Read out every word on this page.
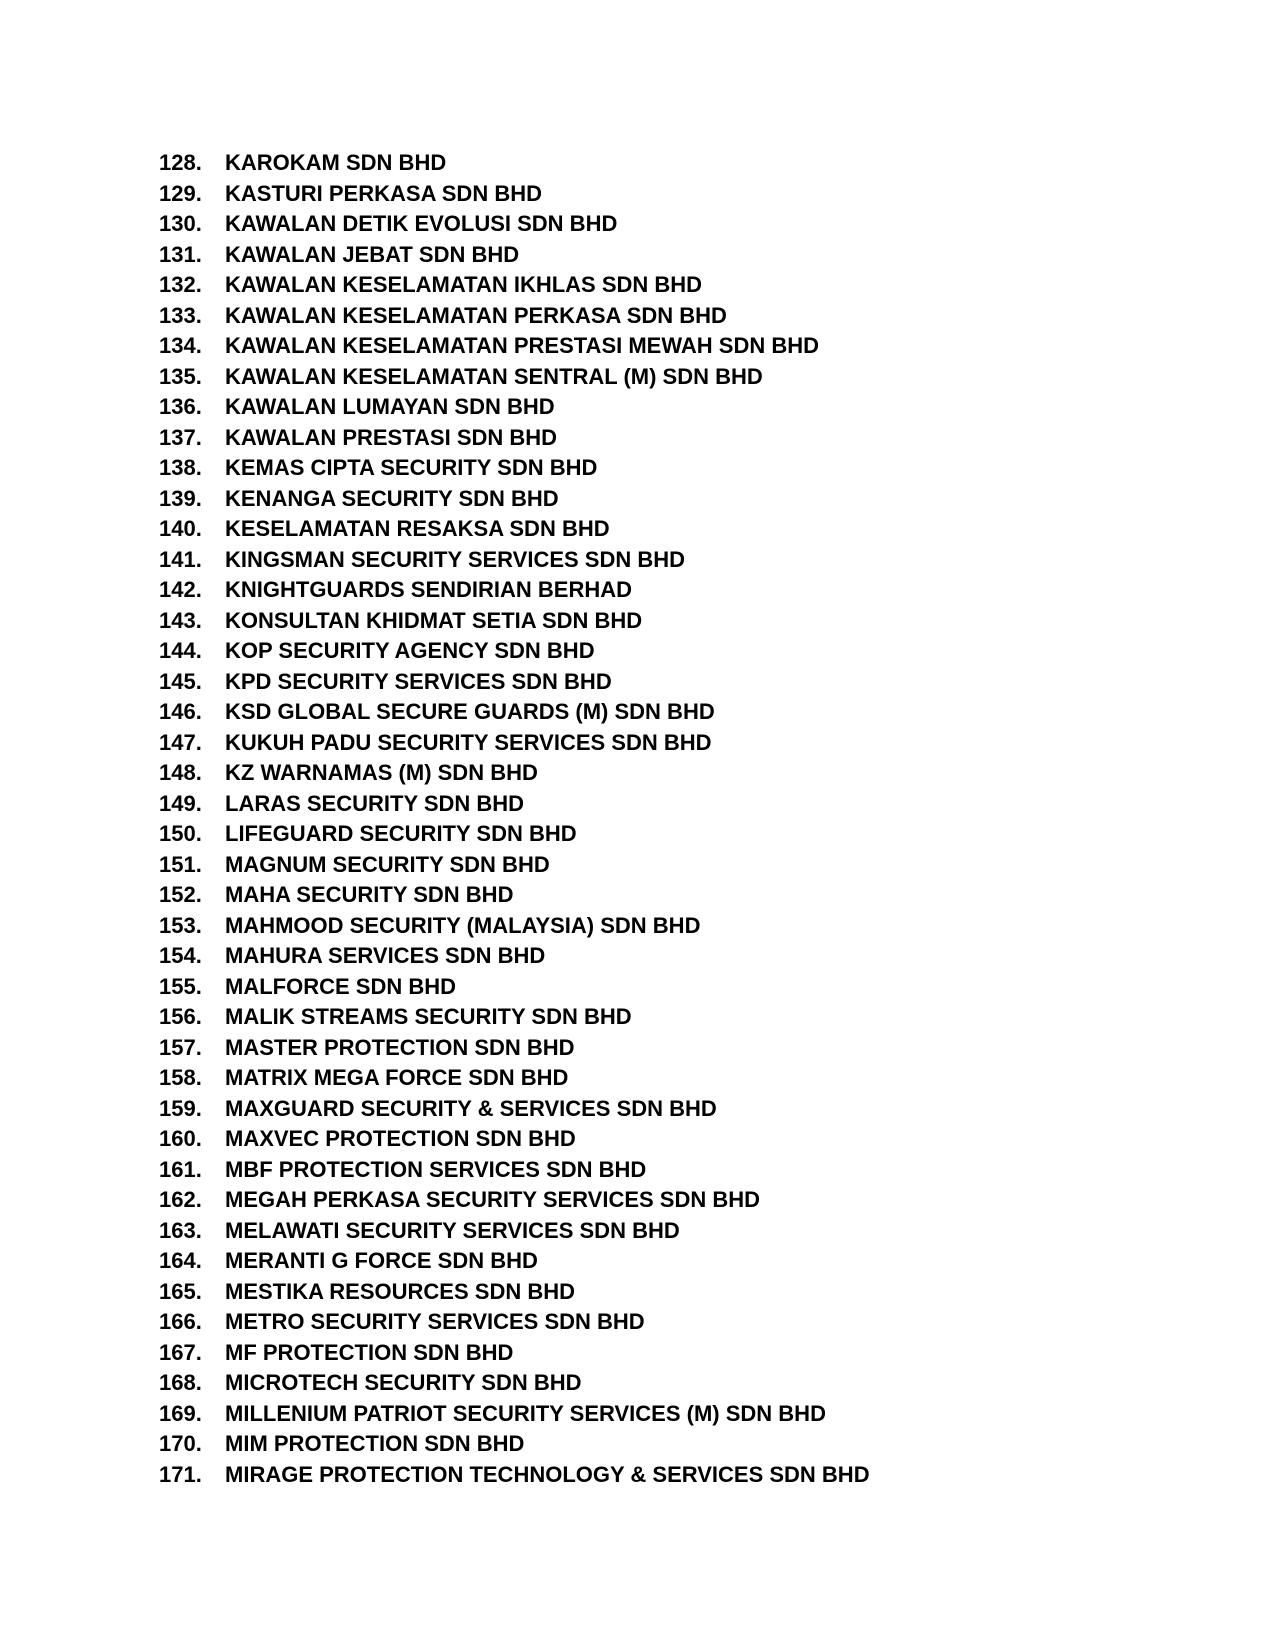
128.	KAROKAM SDN BHD
129.	KASTURI PERKASA SDN BHD
130.	KAWALAN DETIK EVOLUSI SDN BHD
131.	KAWALAN JEBAT SDN BHD
132.	KAWALAN KESELAMATAN IKHLAS SDN BHD
133.	KAWALAN KESELAMATAN PERKASA SDN BHD
134.	KAWALAN KESELAMATAN PRESTASI MEWAH SDN BHD
135.	KAWALAN KESELAMATAN SENTRAL (M) SDN BHD
136.	KAWALAN LUMAYAN SDN BHD
137.	KAWALAN PRESTASI SDN BHD
138.	KEMAS CIPTA SECURITY SDN BHD
139.	KENANGA SECURITY SDN BHD
140.	KESELAMATAN RESAKSA SDN BHD
141.	KINGSMAN SECURITY SERVICES SDN BHD
142.	KNIGHTGUARDS SENDIRIAN BERHAD
143.	KONSULTAN KHIDMAT SETIA SDN BHD
144.	KOP SECURITY AGENCY SDN BHD
145.	KPD SECURITY SERVICES SDN BHD
146.	KSD GLOBAL SECURE GUARDS (M) SDN BHD
147.	KUKUH PADU SECURITY SERVICES SDN BHD
148.	KZ WARNAMAS (M) SDN BHD
149.	LARAS SECURITY SDN BHD
150.	LIFEGUARD SECURITY SDN BHD
151.	MAGNUM SECURITY SDN BHD
152.	MAHA SECURITY SDN BHD
153.	MAHMOOD SECURITY (MALAYSIA) SDN BHD
154.	MAHURA SERVICES SDN BHD
155.	MALFORCE SDN BHD
156.	MALIK STREAMS SECURITY SDN BHD
157.	MASTER PROTECTION SDN BHD
158.	MATRIX MEGA FORCE SDN BHD
159.	MAXGUARD SECURITY & SERVICES SDN BHD
160.	MAXVEC PROTECTION SDN BHD
161.	MBF PROTECTION SERVICES SDN BHD
162.	MEGAH PERKASA SECURITY SERVICES SDN BHD
163.	MELAWATI SECURITY SERVICES SDN BHD
164.	MERANTI G FORCE SDN BHD
165.	MESTIKA RESOURCES SDN BHD
166.	METRO SECURITY SERVICES SDN BHD
167.	MF PROTECTION SDN BHD
168.	MICROTECH SECURITY SDN BHD
169.	MILLENIUM PATRIOT SECURITY SERVICES (M) SDN BHD
170.	MIM PROTECTION SDN BHD
171.	MIRAGE PROTECTION TECHNOLOGY & SERVICES SDN BHD
